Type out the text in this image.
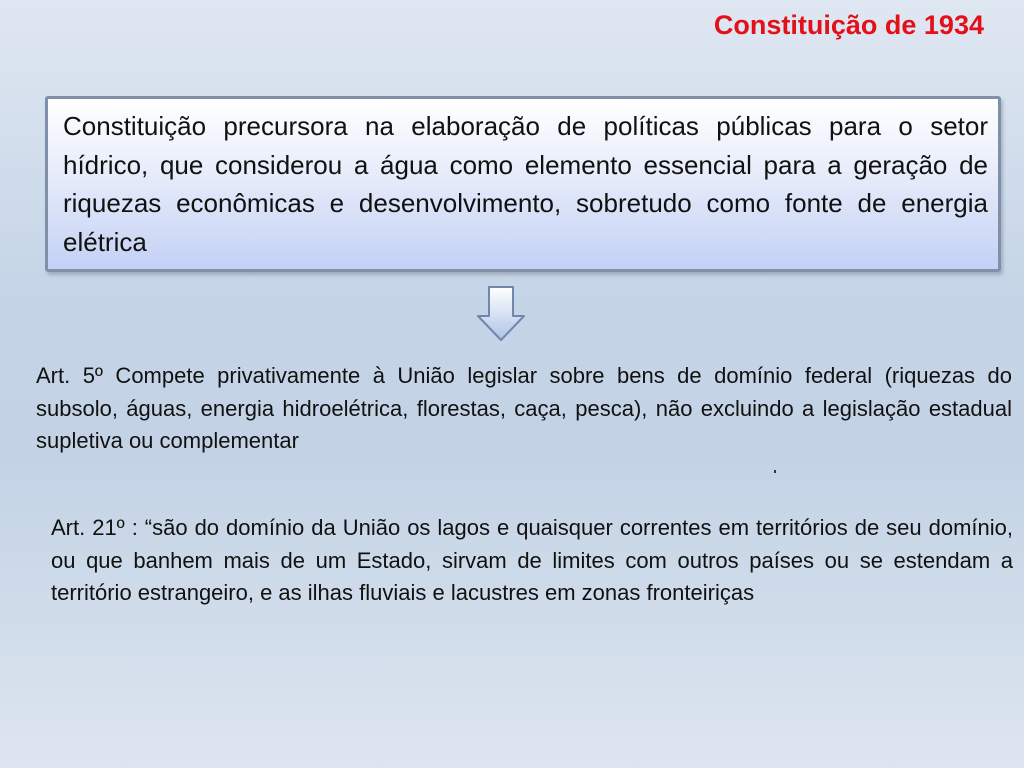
Constituição de 1934

Constituição precursora na elaboração de políticas públicas para o setor hídrico, que considerou a água como elemento essencial para a geração de riquezas econômicas e desenvolvimento, sobretudo como fonte de energia elétrica

Art. 5º Compete privativamente à União legislar sobre bens de domínio federal (riquezas do subsolo, águas, energia hidroelétrica, florestas, caça, pesca), não excluindo a legislação estadual supletiva ou complementar

Art. 21º : “são do domínio da União os lagos e quaisquer correntes em territórios de seu domínio, ou que banhem mais de um Estado, sirvam de limites com outros países ou se estendam a território estrangeiro, e as ilhas fluviais e lacustres em zonas fronteiriças
